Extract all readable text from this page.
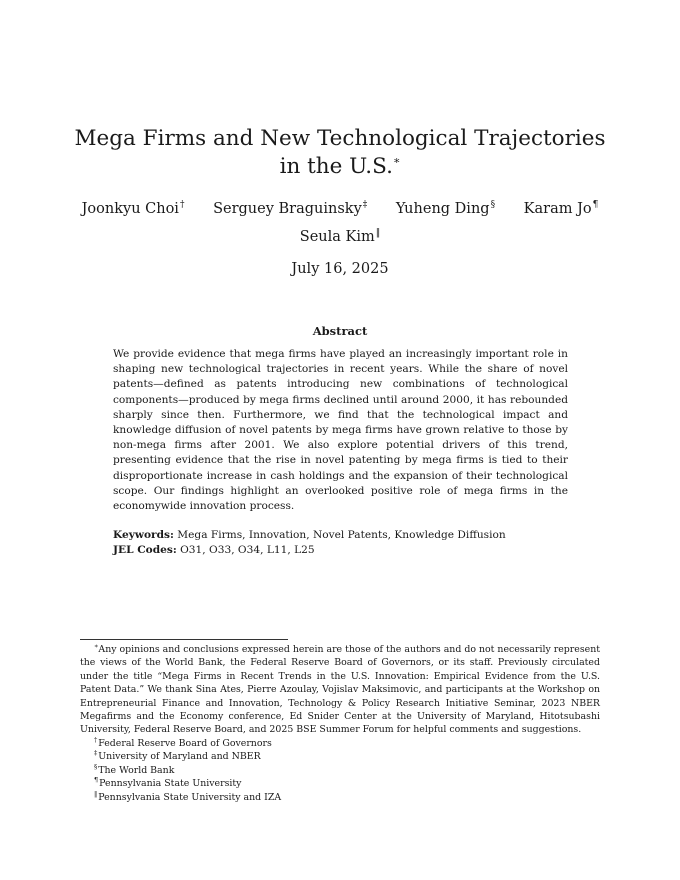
Mega Firms and New Technological Trajectories
in the U.S.∗
Joonkyu Choi† Serguey Braguinsky‡ Yuheng Ding§ Karam Jo¶
Seula Kim‖
July 16, 2025
Abstract
We provide evidence that mega firms have played an increasingly important role in shaping new technological trajectories in recent years. While the share of novel patents—defined as patents introducing new combinations of technological components—produced by mega firms declined until around 2000, it has rebounded sharply since then. Furthermore, we find that the technological impact and knowledge diffusion of novel patents by mega firms have grown relative to those by non-mega firms after 2001. We also explore potential drivers of this trend, presenting evidence that the rise in novel patenting by mega firms is tied to their disproportionate increase in cash holdings and the expansion of their technological scope. Our findings highlight an overlooked positive role of mega firms in the economywide innovation process.
Keywords: Mega Firms, Innovation, Novel Patents, Knowledge Diffusion
JEL Codes: O31, O33, O34, L11, L25
∗Any opinions and conclusions expressed herein are those of the authors and do not necessarily represent the views of the World Bank, the Federal Reserve Board of Governors, or its staff. Previously circulated under the title “Mega Firms in Recent Trends in the U.S. Innovation: Empirical Evidence from the U.S. Patent Data.” We thank Sina Ates, Pierre Azoulay, Vojislav Maksimovic, and participants at the Workshop on Entrepreneurial Finance and Innovation, Technology & Policy Research Initiative Seminar, 2023 NBER Megafirms and the Economy conference, Ed Snider Center at the University of Maryland, Hitotsubashi University, Federal Reserve Board, and 2025 BSE Summer Forum for helpful comments and suggestions.
†Federal Reserve Board of Governors
‡University of Maryland and NBER
§The World Bank
¶Pennsylvania State University
‖Pennsylvania State University and IZA
